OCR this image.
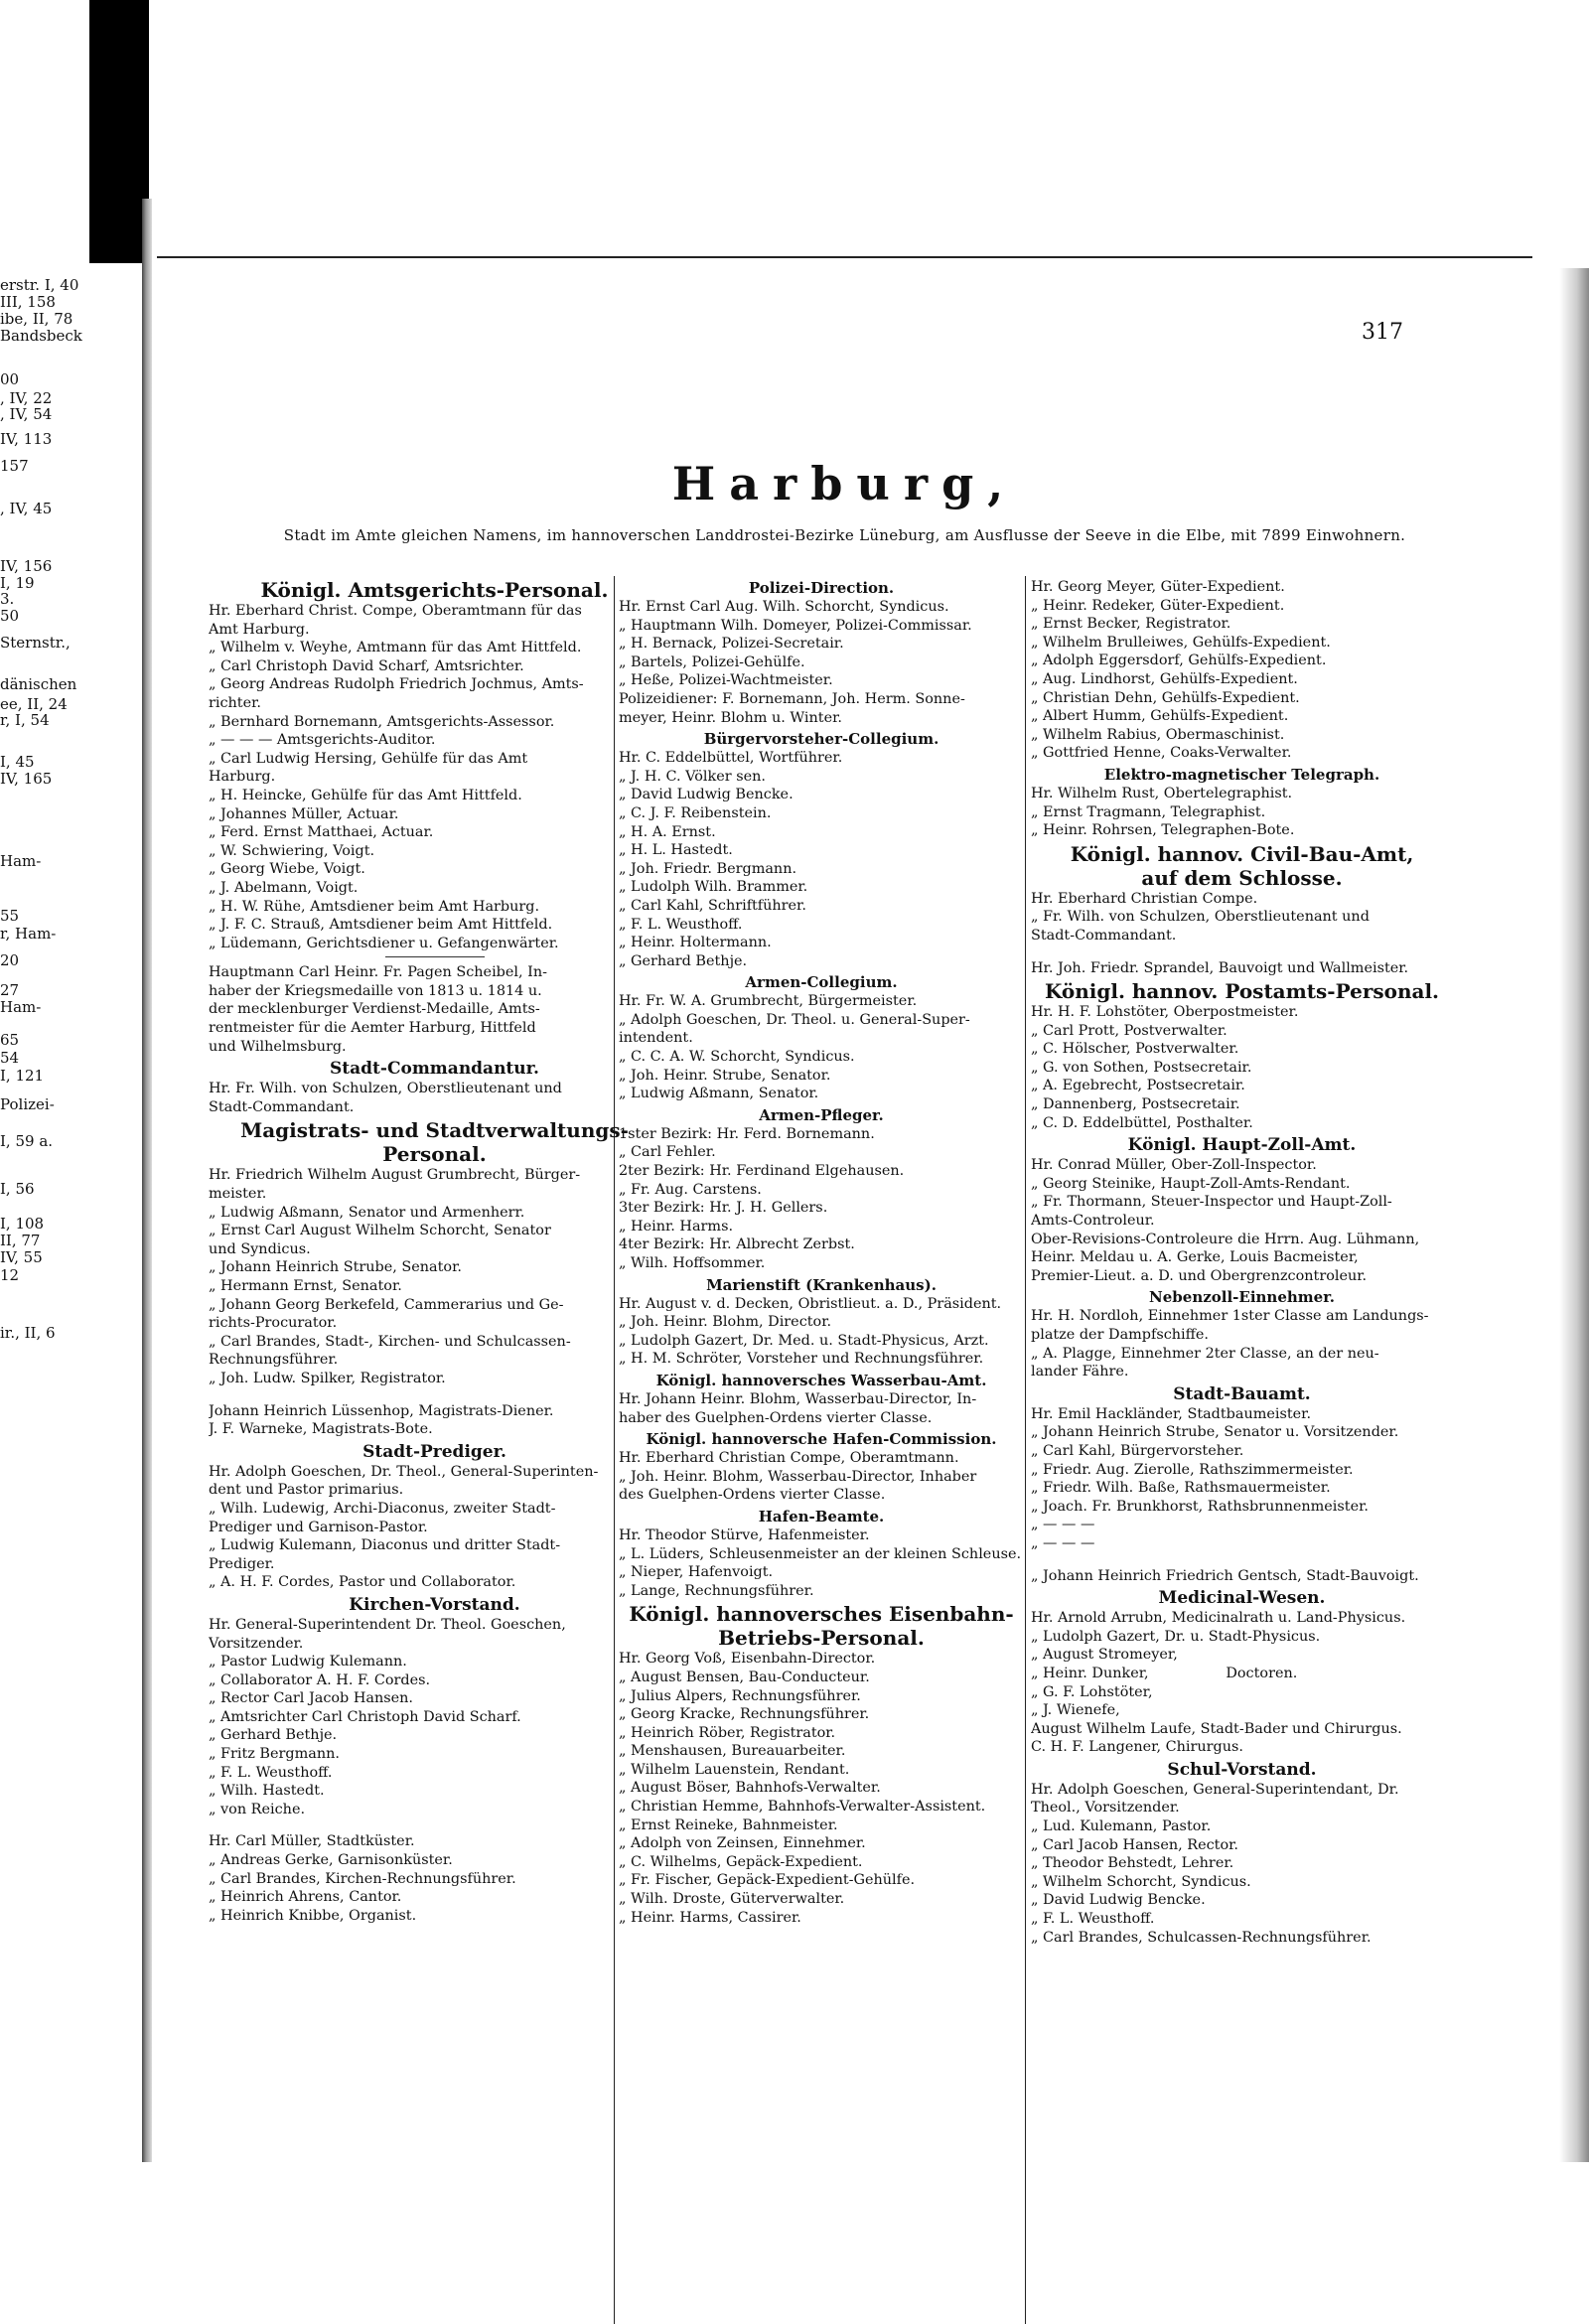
erstr. I, 40
III, 158
ibe, II, 78
Bandsbeck
00
, IV, 22
, IV, 54
IV, 113
157
, IV, 45
IV, 156
I, 19
3.
50
Sternstr.,
dänischen
ee, II, 24
r, I, 54
I, 45
IV, 165
Ham-
55
r, Ham-
20
27
Ham-
65
54
I, 121
Polizei-
I, 59 a.
I, 56
I, 108
II, 77
IV, 55
12
ir., II, 6
317
Harburg,
Stadt im Amte gleichen Namens, im hannoverschen Landdrostei-Bezirke Lüneburg, am Ausflusse der Seeve in die Elbe, mit 7899 Einwohnern.
Königl. Amtsgerichts-Personal.
Hr. Eberhard Christ. Compe, Oberamtmann für das
Amt Harburg.
„ Wilhelm v. Weyhe, Amtmann für das Amt Hittfeld.
„ Carl Christoph David Scharf, Amtsrichter.
„ Georg Andreas Rudolph Friedrich Jochmus, Amts-
richter.
„ Bernhard Bornemann, Amtsgerichts-Assessor.
„ — — — Amtsgerichts-Auditor.
„ Carl Ludwig Hersing, Gehülfe für das Amt
Harburg.
„ H. Heincke, Gehülfe für das Amt Hittfeld.
„ Johannes Müller, Actuar.
„ Ferd. Ernst Matthaei, Actuar.
„ W. Schwiering, Voigt.
„ Georg Wiebe, Voigt.
„ J. Abelmann, Voigt.
„ H. W. Rühe, Amtsdiener beim Amt Harburg.
„ J. F. C. Strauß, Amtsdiener beim Amt Hittfeld.
„ Lüdemann, Gerichtsdiener u. Gefangenwärter.
Hauptmann Carl Heinr. Fr. Pagen Scheibel, In-
haber der Kriegsmedaille von 1813 u. 1814 u.
der mecklenburger Verdienst-Medaille, Amts-
rentmeister für die Aemter Harburg, Hittfeld
und Wilhelmsburg.
Stadt-Commandantur.
Hr. Fr. Wilh. von Schulzen, Oberstlieutenant und
Stadt-Commandant.
Magistrats- und Stadtverwaltungs-
Personal.
Hr. Friedrich Wilhelm August Grumbrecht, Bürger-
meister.
„ Ludwig Aßmann, Senator und Armenherr.
„ Ernst Carl August Wilhelm Schorcht, Senator
und Syndicus.
„ Johann Heinrich Strube, Senator.
„ Hermann Ernst, Senator.
„ Johann Georg Berkefeld, Cammerarius und Ge-
richts-Procurator.
„ Carl Brandes, Stadt-, Kirchen- und Schulcassen-
Rechnungsführer.
„ Joh. Ludw. Spilker, Registrator.
Johann Heinrich Lüssenhop, Magistrats-Diener.
J. F. Warneke, Magistrats-Bote.
Stadt-Prediger.
Hr. Adolph Goeschen, Dr. Theol., General-Superinten-
dent und Pastor primarius.
„ Wilh. Ludewig, Archi-Diaconus, zweiter Stadt-
Prediger und Garnison-Pastor.
„ Ludwig Kulemann, Diaconus und dritter Stadt-
Prediger.
„ A. H. F. Cordes, Pastor und Collaborator.
Kirchen-Vorstand.
Hr. General-Superintendent Dr. Theol. Goeschen,
Vorsitzender.
„ Pastor Ludwig Kulemann.
„ Collaborator A. H. F. Cordes.
„ Rector Carl Jacob Hansen.
„ Amtsrichter Carl Christoph David Scharf.
„ Gerhard Bethje.
„ Fritz Bergmann.
„ F. L. Weusthoff.
„ Wilh. Hastedt.
„ von Reiche.
Hr. Carl Müller, Stadtküster.
„ Andreas Gerke, Garnisonküster.
„ Carl Brandes, Kirchen-Rechnungsführer.
„ Heinrich Ahrens, Cantor.
„ Heinrich Knibbe, Organist.
Polizei-Direction.
Hr. Ernst Carl Aug. Wilh. Schorcht, Syndicus.
„ Hauptmann Wilh. Domeyer, Polizei-Commissar.
„ H. Bernack, Polizei-Secretair.
„ Bartels, Polizei-Gehülfe.
„ Heße, Polizei-Wachtmeister.
Polizeidiener: F. Bornemann, Joh. Herm. Sonne-
meyer, Heinr. Blohm u. Winter.
Bürgervorsteher-Collegium.
Hr. C. Eddelbüttel, Wortführer.
„ J. H. C. Völker sen.
„ David Ludwig Bencke.
„ C. J. F. Reibenstein.
„ H. A. Ernst.
„ H. L. Hastedt.
„ Joh. Friedr. Bergmann.
„ Ludolph Wilh. Brammer.
„ Carl Kahl, Schriftführer.
„ F. L. Weusthoff.
„ Heinr. Holtermann.
„ Gerhard Bethje.
Armen-Collegium.
Hr. Fr. W. A. Grumbrecht, Bürgermeister.
„ Adolph Goeschen, Dr. Theol. u. General-Super-
intendent.
„ C. C. A. W. Schorcht, Syndicus.
„ Joh. Heinr. Strube, Senator.
„ Ludwig Aßmann, Senator.
Armen-Pfleger.
1ster Bezirk: Hr. Ferd. Bornemann.
„ Carl Fehler.
2ter Bezirk: Hr. Ferdinand Elgehausen.
„ Fr. Aug. Carstens.
3ter Bezirk: Hr. J. H. Gellers.
„ Heinr. Harms.
4ter Bezirk: Hr. Albrecht Zerbst.
„ Wilh. Hoffsommer.
Marienstift (Krankenhaus).
Hr. August v. d. Decken, Obristlieut. a. D., Präsident.
„ Joh. Heinr. Blohm, Director.
„ Ludolph Gazert, Dr. Med. u. Stadt-Physicus, Arzt.
„ H. M. Schröter, Vorsteher und Rechnungsführer.
Königl. hannoversches Wasserbau-Amt.
Hr. Johann Heinr. Blohm, Wasserbau-Director, In-
haber des Guelphen-Ordens vierter Classe.
Königl. hannoversche Hafen-Commission.
Hr. Eberhard Christian Compe, Oberamtmann.
„ Joh. Heinr. Blohm, Wasserbau-Director, Inhaber
des Guelphen-Ordens vierter Classe.
Hafen-Beamte.
Hr. Theodor Stürve, Hafenmeister.
„ L. Lüders, Schleusenmeister an der kleinen Schleuse.
„ Nieper, Hafenvoigt.
„ Lange, Rechnungsführer.
Königl. hannoversches Eisenbahn-
Betriebs-Personal.
Hr. Georg Voß, Eisenbahn-Director.
„ August Bensen, Bau-Conducteur.
„ Julius Alpers, Rechnungsführer.
„ Georg Kracke, Rechnungsführer.
„ Heinrich Röber, Registrator.
„ Menshausen, Bureauarbeiter.
„ Wilhelm Lauenstein, Rendant.
„ August Böser, Bahnhofs-Verwalter.
„ Christian Hemme, Bahnhofs-Verwalter-Assistent.
„ Ernst Reineke, Bahnmeister.
„ Adolph von Zeinsen, Einnehmer.
„ C. Wilhelms, Gepäck-Expedient.
„ Fr. Fischer, Gepäck-Expedient-Gehülfe.
„ Wilh. Droste, Güterverwalter.
„ Heinr. Harms, Cassirer.
Hr. Georg Meyer, Güter-Expedient.
„ Heinr. Redeker, Güter-Expedient.
„ Ernst Becker, Registrator.
„ Wilhelm Brulleiwes, Gehülfs-Expedient.
„ Adolph Eggersdorf, Gehülfs-Expedient.
„ Aug. Lindhorst, Gehülfs-Expedient.
„ Christian Dehn, Gehülfs-Expedient.
„ Albert Humm, Gehülfs-Expedient.
„ Wilhelm Rabius, Obermaschinist.
„ Gottfried Henne, Coaks-Verwalter.
Elektro-magnetischer Telegraph.
Hr. Wilhelm Rust, Obertelegraphist.
„ Ernst Tragmann, Telegraphist.
„ Heinr. Rohrsen, Telegraphen-Bote.
Königl. hannov. Civil-Bau-Amt,
auf dem Schlosse.
Hr. Eberhard Christian Compe.
„ Fr. Wilh. von Schulzen, Oberstlieutenant und
Stadt-Commandant.
Hr. Joh. Friedr. Sprandel, Bauvoigt und Wallmeister.
Königl. hannov. Postamts-Personal.
Hr. H. F. Lohstöter, Oberpostmeister.
„ Carl Prott, Postverwalter.
„ C. Hölscher, Postverwalter.
„ G. von Sothen, Postsecretair.
„ A. Egebrecht, Postsecretair.
„ Dannenberg, Postsecretair.
„ C. D. Eddelbüttel, Posthalter.
Königl. Haupt-Zoll-Amt.
Hr. Conrad Müller, Ober-Zoll-Inspector.
„ Georg Steinike, Haupt-Zoll-Amts-Rendant.
„ Fr. Thormann, Steuer-Inspector und Haupt-Zoll-
Amts-Controleur.
Ober-Revisions-Controleure die Hrrn. Aug. Lühmann,
Heinr. Meldau u. A. Gerke, Louis Bacmeister,
Premier-Lieut. a. D. und Obergrenzcontroleur.
Nebenzoll-Einnehmer.
Hr. H. Nordloh, Einnehmer 1ster Classe am Landungs-
platze der Dampfschiffe.
„ A. Plagge, Einnehmer 2ter Classe, an der neu-
lander Fähre.
Stadt-Bauamt.
Hr. Emil Hackländer, Stadtbaumeister.
„ Johann Heinrich Strube, Senator u. Vorsitzender.
„ Carl Kahl, Bürgervorsteher.
„ Friedr. Aug. Zierolle, Rathszimmermeister.
„ Friedr. Wilh. Baße, Rathsmauermeister.
„ Joach. Fr. Brunkhorst, Rathsbrunnenmeister.
„ — — —
„ — — —
„ Johann Heinrich Friedrich Gentsch, Stadt-Bauvoigt.
Medicinal-Wesen.
Hr. Arnold Arrubn, Medicinalrath u. Land-Physicus.
„ Ludolph Gazert, Dr. u. Stadt-Physicus.
„ August Stromeyer,
„ Heinr. Dunker,                 Doctoren.
„ G. F. Lohstöter,
„ J. Wienefe,
August Wilhelm Laufe, Stadt-Bader und Chirurgus.
C. H. F. Langener, Chirurgus.
Schul-Vorstand.
Hr. Adolph Goeschen, General-Superintendant, Dr.
Theol., Vorsitzender.
„ Lud. Kulemann, Pastor.
„ Carl Jacob Hansen, Rector.
„ Theodor Behstedt, Lehrer.
„ Wilhelm Schorcht, Syndicus.
„ David Ludwig Bencke.
„ F. L. Weusthoff.
„ Carl Brandes, Schulcassen-Rechnungsführer.
